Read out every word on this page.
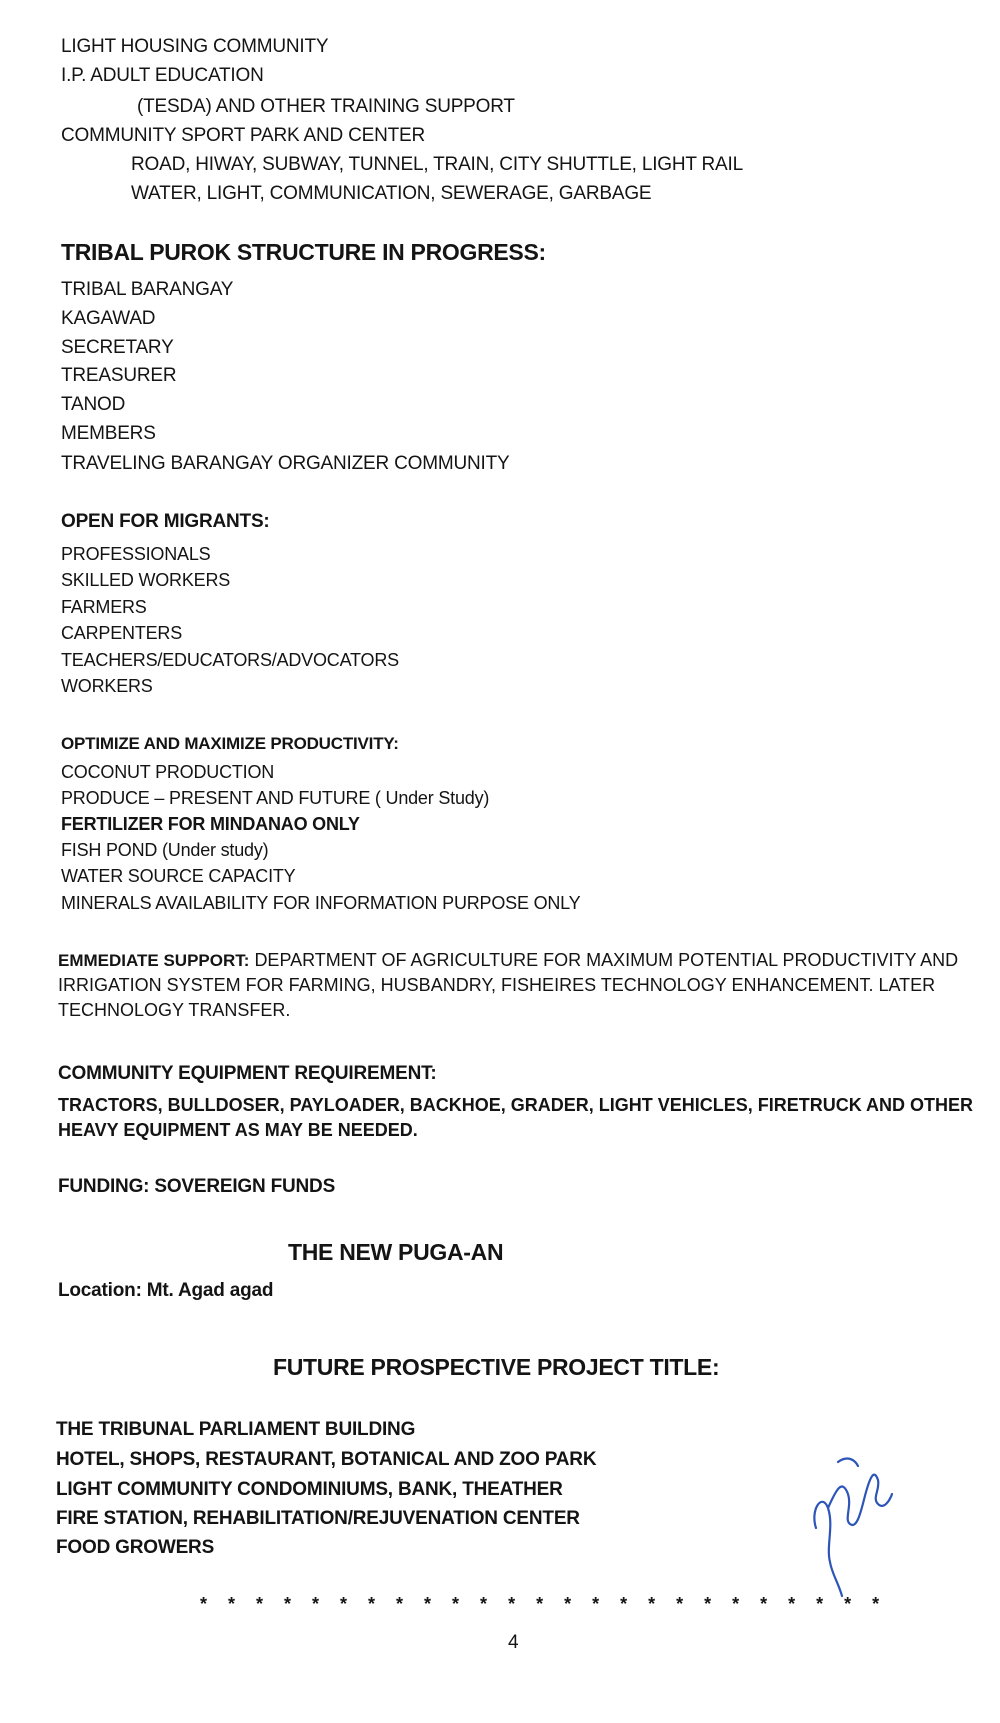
LIGHT HOUSING COMMUNITY
I.P. ADULT EDUCATION
(TESDA) AND OTHER TRAINING SUPPORT
COMMUNITY SPORT PARK AND CENTER
ROAD, HIWAY, SUBWAY, TUNNEL, TRAIN, CITY SHUTTLE, LIGHT RAIL
WATER, LIGHT, COMMUNICATION, SEWERAGE, GARBAGE
TRIBAL PUROK STRUCTURE IN PROGRESS:
TRIBAL BARANGAY
KAGAWAD
SECRETARY
TREASURER
TANOD
MEMBERS
TRAVELING BARANGAY ORGANIZER COMMUNITY
OPEN FOR MIGRANTS:
PROFESSIONALS
SKILLED WORKERS
FARMERS
CARPENTERS
TEACHERS/EDUCATORS/ADVOCATORS
WORKERS
OPTIMIZE AND MAXIMIZE PRODUCTIVITY:
COCONUT PRODUCTION
PRODUCE – PRESENT AND FUTURE ( Under Study)
FERTILIZER FOR MINDANAO ONLY
FISH POND (Under study)
WATER SOURCE CAPACITY
MINERALS AVAILABILITY FOR INFORMATION PURPOSE ONLY
EMMEDIATE SUPPORT: DEPARTMENT OF AGRICULTURE FOR MAXIMUM POTENTIAL PRODUCTIVITY AND IRRIGATION SYSTEM FOR FARMING, HUSBANDRY, FISHEIRES TECHNOLOGY ENHANCEMENT. LATER TECHNOLOGY TRANSFER.
COMMUNITY EQUIPMENT REQUIREMENT:
TRACTORS, BULLDOSER, PAYLOADER, BACKHOE, GRADER, LIGHT VEHICLES, FIRETRUCK AND OTHER HEAVY EQUIPMENT AS MAY BE NEEDED.
FUNDING: SOVEREIGN FUNDS
THE NEW PUGA-AN
Location: Mt. Agad agad
FUTURE PROSPECTIVE PROJECT TITLE:
THE TRIBUNAL PARLIAMENT BUILDING
HOTEL, SHOPS, RESTAURANT, BOTANICAL AND ZOO PARK
LIGHT COMMUNITY CONDOMINIUMS, BANK, THEATHER
FIRE STATION, REHABILITATION/REJUVENATION CENTER
FOOD GROWERS
* * * * * * * * * * * * * * * * * * * * * * * * *
4
